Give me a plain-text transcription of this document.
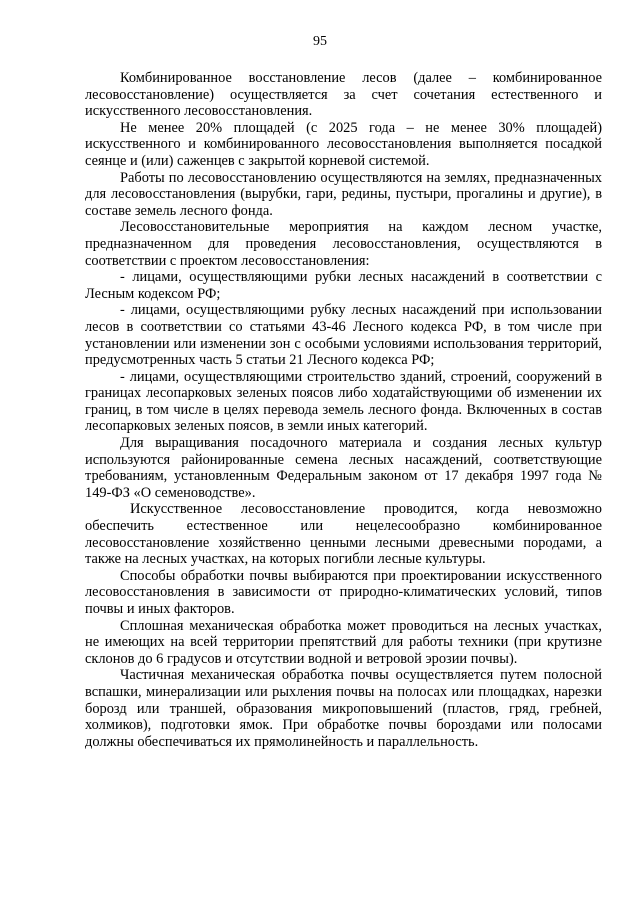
95

Комбинированное восстановление лесов (далее – комбинированное лесовосстановление) осуществляется за счет сочетания естественного и искусственного лесовосстановления.

Не менее 20% площадей (с 2025 года – не менее 30% площадей) искусственного и комбинированного лесовосстановления выполняется посадкой сеянце и (или) саженцев с закрытой корневой системой.

Работы по лесовосстановлению осуществляются на землях, предназначенных для лесовосстановления (вырубки, гари, редины, пустыри, прогалины и другие), в составе земель лесного фонда.

Лесовосстановительные мероприятия на каждом лесном участке, предназначенном для проведения лесовосстановления, осуществляются в соответствии с проектом лесовосстановления:

- лицами, осуществляющими рубки лесных насаждений в соответствии с Лесным кодексом РФ;

- лицами, осуществляющими рубку лесных насаждений при использовании лесов в соответствии со статьями 43-46 Лесного кодекса РФ, в том числе при установлении или изменении зон с особыми условиями использования территорий, предусмотренных часть 5 статьи 21 Лесного кодекса РФ;

- лицами, осуществляющими строительство зданий, строений, сооружений в границах лесопарковых зеленых поясов либо ходатайствующими об изменении их границ, в том числе в целях перевода земель лесного фонда. Включенных в состав лесопарковых зеленых поясов, в земли иных категорий.

Для выращивания посадочного материала и создания лесных культур используются районированные семена лесных насаждений, соответствующие требованиям, установленным Федеральным законом от 17 декабря 1997 года № 149-ФЗ «О семеноводстве».

Искусственное лесовосстановление проводится, когда невозможно обеспечить естественное или нецелесообразно комбинированное лесовосстановление хозяйственно ценными лесными древесными породами, а также на лесных участках, на которых погибли лесные культуры.

Способы обработки почвы выбираются при проектировании искусственного лесовосстановления в зависимости от природно-климатических условий, типов почвы и иных факторов.

Сплошная механическая обработка может проводиться на лесных участках, не имеющих на всей территории препятствий для работы техники (при крутизне склонов до 6 градусов и отсутствии водной и ветровой эрозии почвы).

Частичная механическая обработка почвы осуществляется путем полосной вспашки, минерализации или рыхления почвы на полосах или площадках, нарезки борозд или траншей, образования микроповышений (пластов, гряд, гребней, холмиков), подготовки ямок. При обработке почвы бороздами или полосами должны обеспечиваться их прямолинейность и параллельность.
